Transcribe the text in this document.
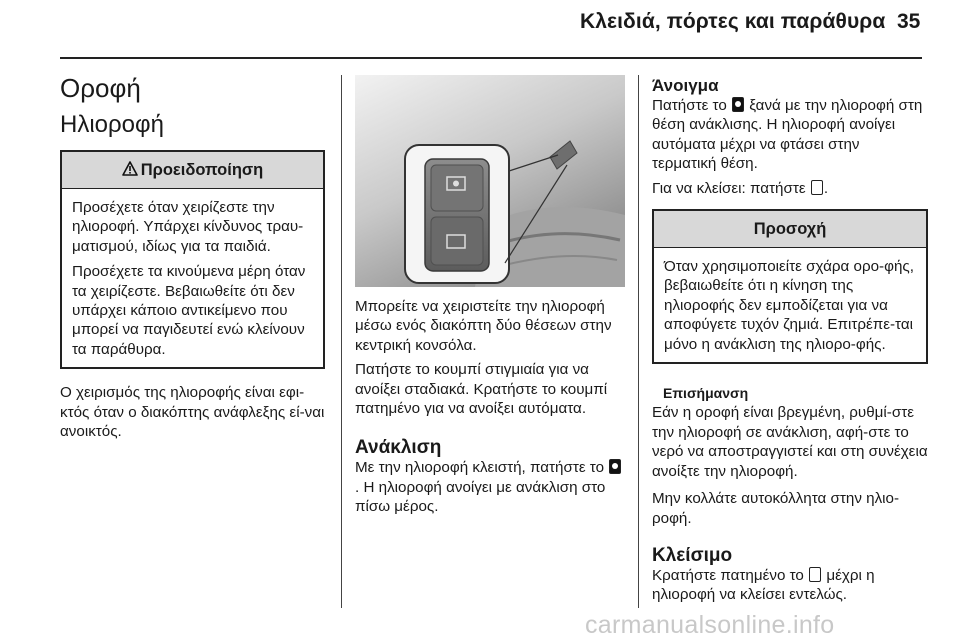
Κλειδιά, πόρτες και παράθυρα 35
Οροφή
Ηλιοροφή
Προειδοποίηση

Προσέχετε όταν χειρίζεστε την ηλιοροφή. Υπάρχει κίνδυνος τραυ-ματισμού, ιδίως για τα παιδιά.

Προσέχετε τα κινούμενα μέρη όταν τα χειρίζεστε. Βεβαιωθείτε ότι δεν υπάρχει κάποιο αντικείμενο που μπορεί να παγιδευτεί ενώ κλείνουν τα παράθυρα.

Ο χειρισμός της ηλιοροφής είναι εφι-κτός όταν ο διακόπτης ανάφλεξης εί-ναι ανοικτός.

Μπορείτε να χειριστείτε την ηλιοροφή μέσω ενός διακόπτη δύο θέσεων στην κεντρική κονσόλα.

Πατήστε το κουμπί στιγμιαία για να ανοίξει σταδιακά. Κρατήστε το κουμπί πατημένο για να ανοίξει αυτόματα.

Ανάκλιση

Με την ηλιοροφή κλειστή, πατήστε το . Η ηλιοροφή ανοίγει με ανάκλιση στο πίσω μέρος.

Άνοιγμα

Πατήστε το ξανά με την ηλιοροφή στη θέση ανάκλισης. Η ηλιοροφή ανοίγει αυτόματα μέχρι να φτάσει στην τερματική θέση.

Για να κλείσει: πατήστε .

Προσοχή

Όταν χρησιμοποιείτε σχάρα ορο-φής, βεβαιωθείτε ότι η κίνηση της ηλιοροφής δεν εμποδίζεται για να αποφύγετε τυχόν ζημιά. Επιτρέπε-ται μόνο η ανάκλιση της ηλιορο-φής.

Επισήμανση

Εάν η οροφή είναι βρεγμένη, ρυθμί-στε την ηλιοροφή σε ανάκλιση, αφή-στε το νερό να αποστραγγιστεί και στη συνέχεια ανοίξτε την ηλιοροφή.

Μην κολλάτε αυτοκόλλητα στην ηλιο-ροφή.

Κλείσιμο

Κρατήστε πατημένο το μέχρι η ηλιοροφή να κλείσει εντελώς.

carmanualsonline.info
